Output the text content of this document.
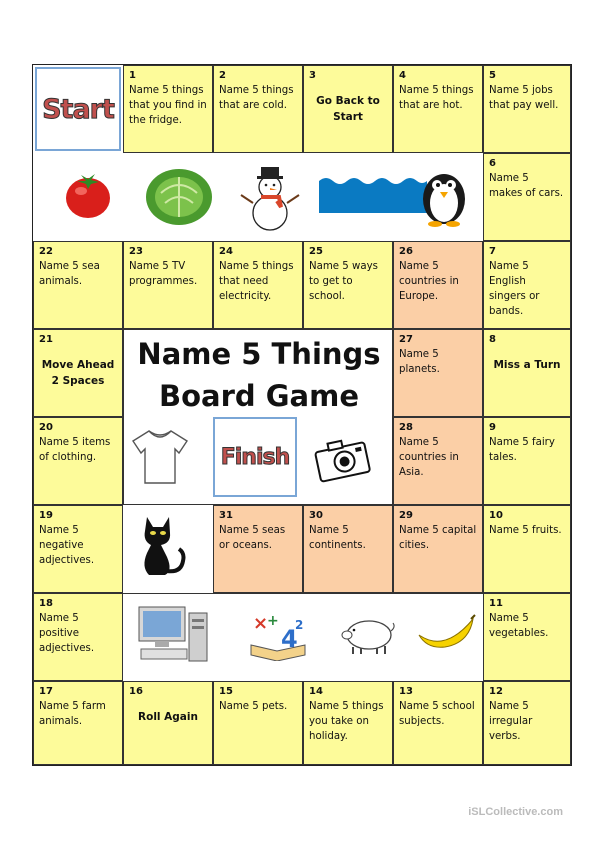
Start
1
Name 5 things that you find in the fridge.
2
Name 5 things that are cold.
3
Go Back to Start
4
Name 5 things that are hot.
5
Name 5 jobs that pay well.
6
Name 5 makes of cars.
22
Name 5 sea animals.
23
Name 5 TV programmes.
24
Name 5 things that need electricity.
25
Name 5 ways to get to school.
26
Name 5 countries in Europe.
7
Name 5 English singers or bands.
21
Move Ahead 2 Spaces
27
Name 5 planets.
8
Miss a Turn
Name 5 Things
Board Game
20
Name 5 items of clothing.	Finish
28
Name 5 countries in Asia.
9
Name 5 fairy tales.
19
Name 5 negative adjectives.
31
Name 5 seas or oceans.
30
Name 5 continents.
29
Name 5 capital cities.
10
Name 5 fruits.
18
Name 5 positive adjectives.
×
+
4
2
11
Name 5 vegetables.
17
Name 5 farm animals.
16
Roll Again
15
Name 5 pets.
14
Name 5 things you take on holiday.
13
Name 5 school subjects.
12
Name 5 irregular verbs.
iSLCollective.com
